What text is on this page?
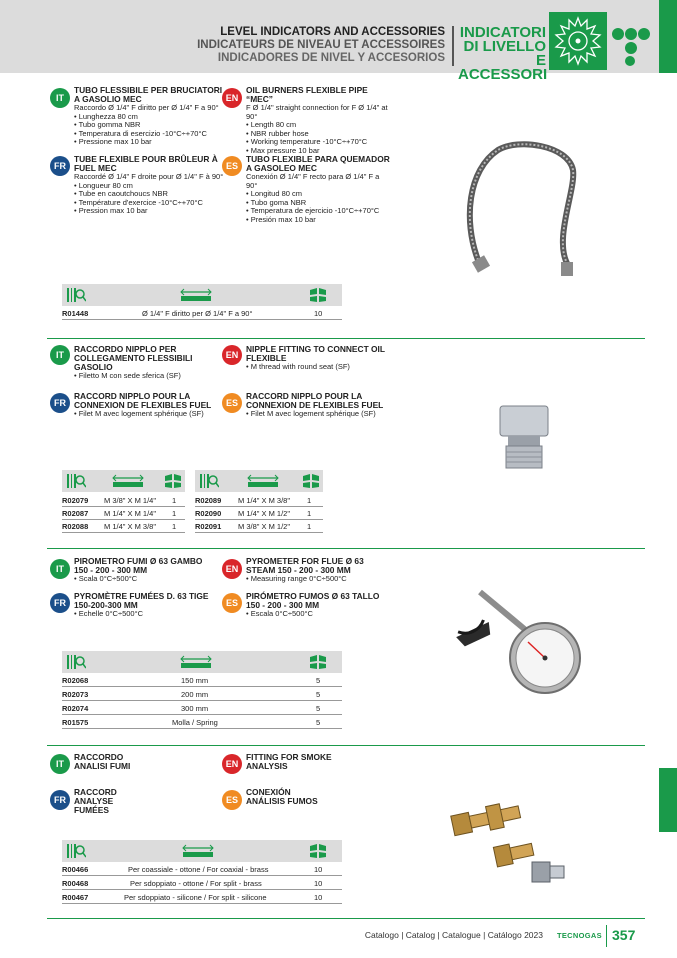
LEVEL INDICATORS AND ACCESSORIES
INDICATEURS DE NIVEAU ET ACCESSOIRES
INDICADORES DE NIVEL Y ACCESORIOS
INDICATORI
DI LIVELLO
E ACCESSORI
IT
TUBO FLESSIBILE PER BRUCIATORI A GASOLIO MEC
Raccordo Ø 1/4" F diritto per Ø 1/4" F a 90°
• Lunghezza 80 cm
• Tubo gomma NBR
• Temperatura di esercizio -10°C÷+70°C
• Pressione max 10 bar
EN
OIL BURNERS FLEXIBLE PIPE “MEC”
F Ø 1/4" straight connection for F Ø 1/4" at
90°
• Length 80 cm
• NBR rubber hose
• Working temperature -10°C÷+70°C
• Max pressure 10 bar
FR
TUBE FLEXIBLE POUR BRÛLEUR À FUEL MEC
Raccordé Ø 1/4" F droite pour Ø 1/4" F à 90°
• Longueur 80 cm
• Tube en caoutchoucs NBR
• Température d'exercice -10°C÷+70°C
• Pression max 10 bar
ES
TUBO FLEXIBLE PARA QUEMADOR A GASOLEO MEC
Conexión Ø 1/4" F recto para Ø 1/4" F a
90°
• Longitud 80 cm
• Tubo goma NBR
• Temperatura de ejercicio -10°C÷+70°C
• Presión max 10 bar
R01448	Ø 1/4" F diritto per Ø 1/4" F a 90°	10
IT
RACCORDO NIPPLO PER COLLEGAMENTO FLESSIBILI GASOLIO
• Filetto M con sede sferica (SF)
EN
NIPPLE FITTING TO CONNECT OIL FLEXIBLE
• M thread with round seat (SF)
FR
RACCORD NIPPLO POUR LA CONNEXION DE FLEXIBLES FUEL
• Filet M avec logement sphérique (SF)
ES
RACCORD NIPPLO POUR LA CONNEXION DE FLEXIBLES FUEL
• Filet M avec logement sphérique (SF)
R02079 M 3/8" X M 1/4" 1
R02087 M 1/4" X M 1/4" 1
R02088 M 1/4" X M 3/8" 1
R02089 M 1/4" X M 3/8" 1
R02090 M 1/4" X M 1/2" 1
R02091 M 3/8" X M 1/2" 1
IT
PIROMETRO FUMI Ø 63 GAMBO 150 - 200 - 300 MM
• Scala 0°C÷500°C
EN
PYROMETER FOR FLUE Ø 63 STEAM 150 - 200 - 300 MM
• Measuring range 0°C÷500°C
FR
PYROMÈTRE FUMÉES D. 63 TIGE 150-200-300 MM
• Echelle 0°C÷500°C
ES
PIRÓMETRO FUMOS Ø 63 TALLO 150 - 200 - 300 MM
• Escala 0°C÷500°C
R02068	150 mm	5
R02073	200 mm	5
R02074	300 mm	5
R01575	Molla / Spring	5
IT
RACCORDO ANALISI FUMI	EN
FITTING FOR SMOKE ANALYSIS
FR
RACCORD ANALYSE FUMÉES
ES
CONEXIÓN ANÁLISIS FUMOS
R00466	Per coassiale - ottone / For coaxial - brass	10
R00468	Per sdoppiato - ottone / For split - brass	10
R00467	Per sdoppiato - silicone / For split - silicone	10
Catalogo | Catalog | Catalogue | Catálogo 2023 TECNOGAS 357
